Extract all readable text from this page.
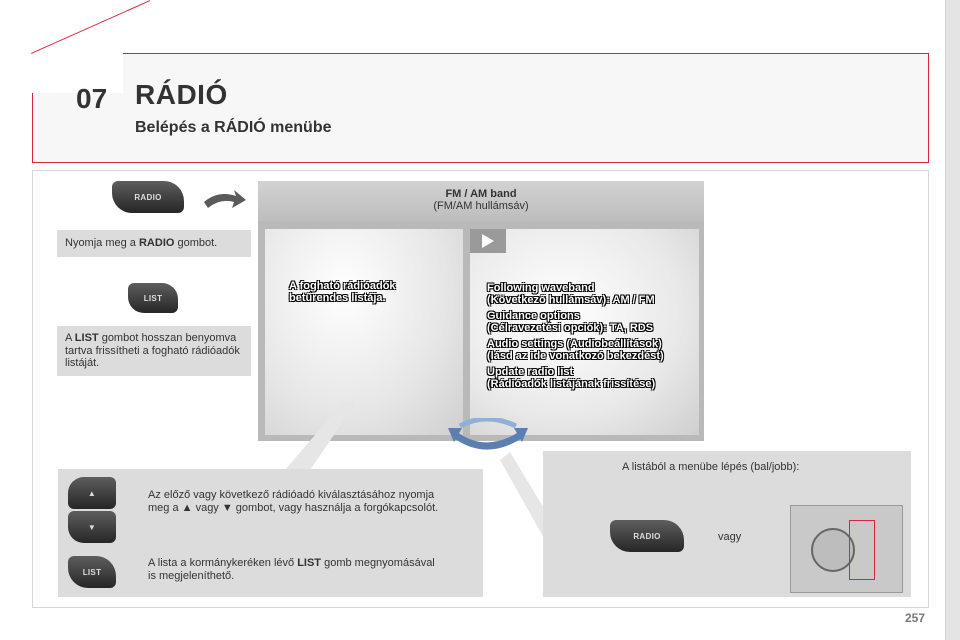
07 RÁDIÓ
Belépés a RÁDIÓ menübe
RADIO
Nyomja meg a RADIO gombot.
LIST
A LIST gombot hosszan benyomva tartva frissítheti a fogható rádióadók listáját.
FM / AM band
(FM/AM hullámsáv)
A fogható rádióadók betűrendes listája.
Following waveband
(Következő hullámsáv): AM / FM
Guidance options
(Célravezetési opciók): TA, RDS
Audio settings (Audiobeállítások)
(lásd az ide vonatkozó bekezdést)
Update radio list
(Rádióadók listájának frissítése)
▲
▼
LIST
Az előző vagy következő rádióadó kiválasztásához nyomja meg a ▲ vagy ▼ gombot, vagy használja a forgókapcsolót.
A lista a kormánykeréken lévő LIST gomb megnyomásával is megjeleníthető.
A listából a menübe lépés (bal/jobb):
RADIO	vagy
257
